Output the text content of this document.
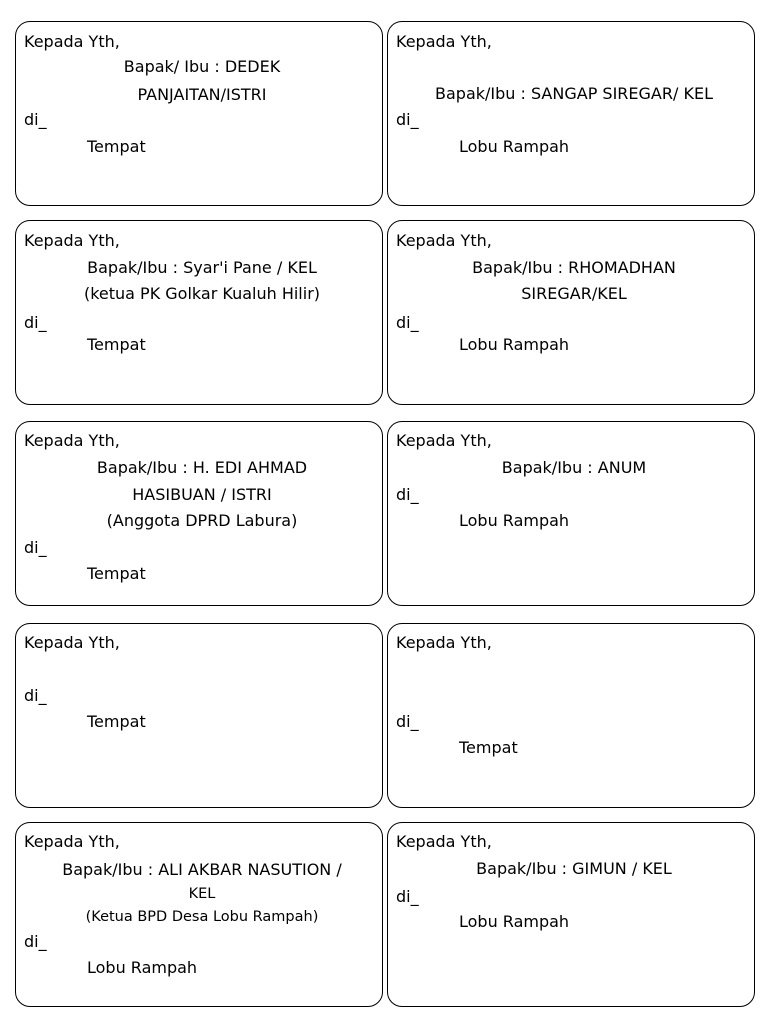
Kepada Yth,
Bapak/ Ibu : DEDEK
PANJAITAN/ISTRI
di_
Tempat
Kepada Yth,
Bapak/Ibu : SANGAP SIREGAR/ KEL
di_
Lobu Rampah
Kepada Yth,
Bapak/Ibu : Syar'i Pane / KEL
(ketua PK Golkar Kualuh Hilir)
di_
Tempat
Kepada Yth,
Bapak/Ibu : RHOMADHAN
SIREGAR/KEL
di_
Lobu Rampah
Kepada Yth,
Bapak/Ibu : H. EDI AHMAD
HASIBUAN / ISTRI
(Anggota DPRD Labura)
di_
Tempat
Kepada Yth,
Bapak/Ibu : ANUM
di_
Lobu Rampah
Kepada Yth,
di_
Tempat
Kepada Yth,
di_
Tempat
Kepada Yth,
Bapak/Ibu : ALI AKBAR NASUTION /
KEL
(Ketua BPD Desa Lobu Rampah)
di_
Lobu Rampah
Kepada Yth,
Bapak/Ibu : GIMUN / KEL
di_
Lobu Rampah
